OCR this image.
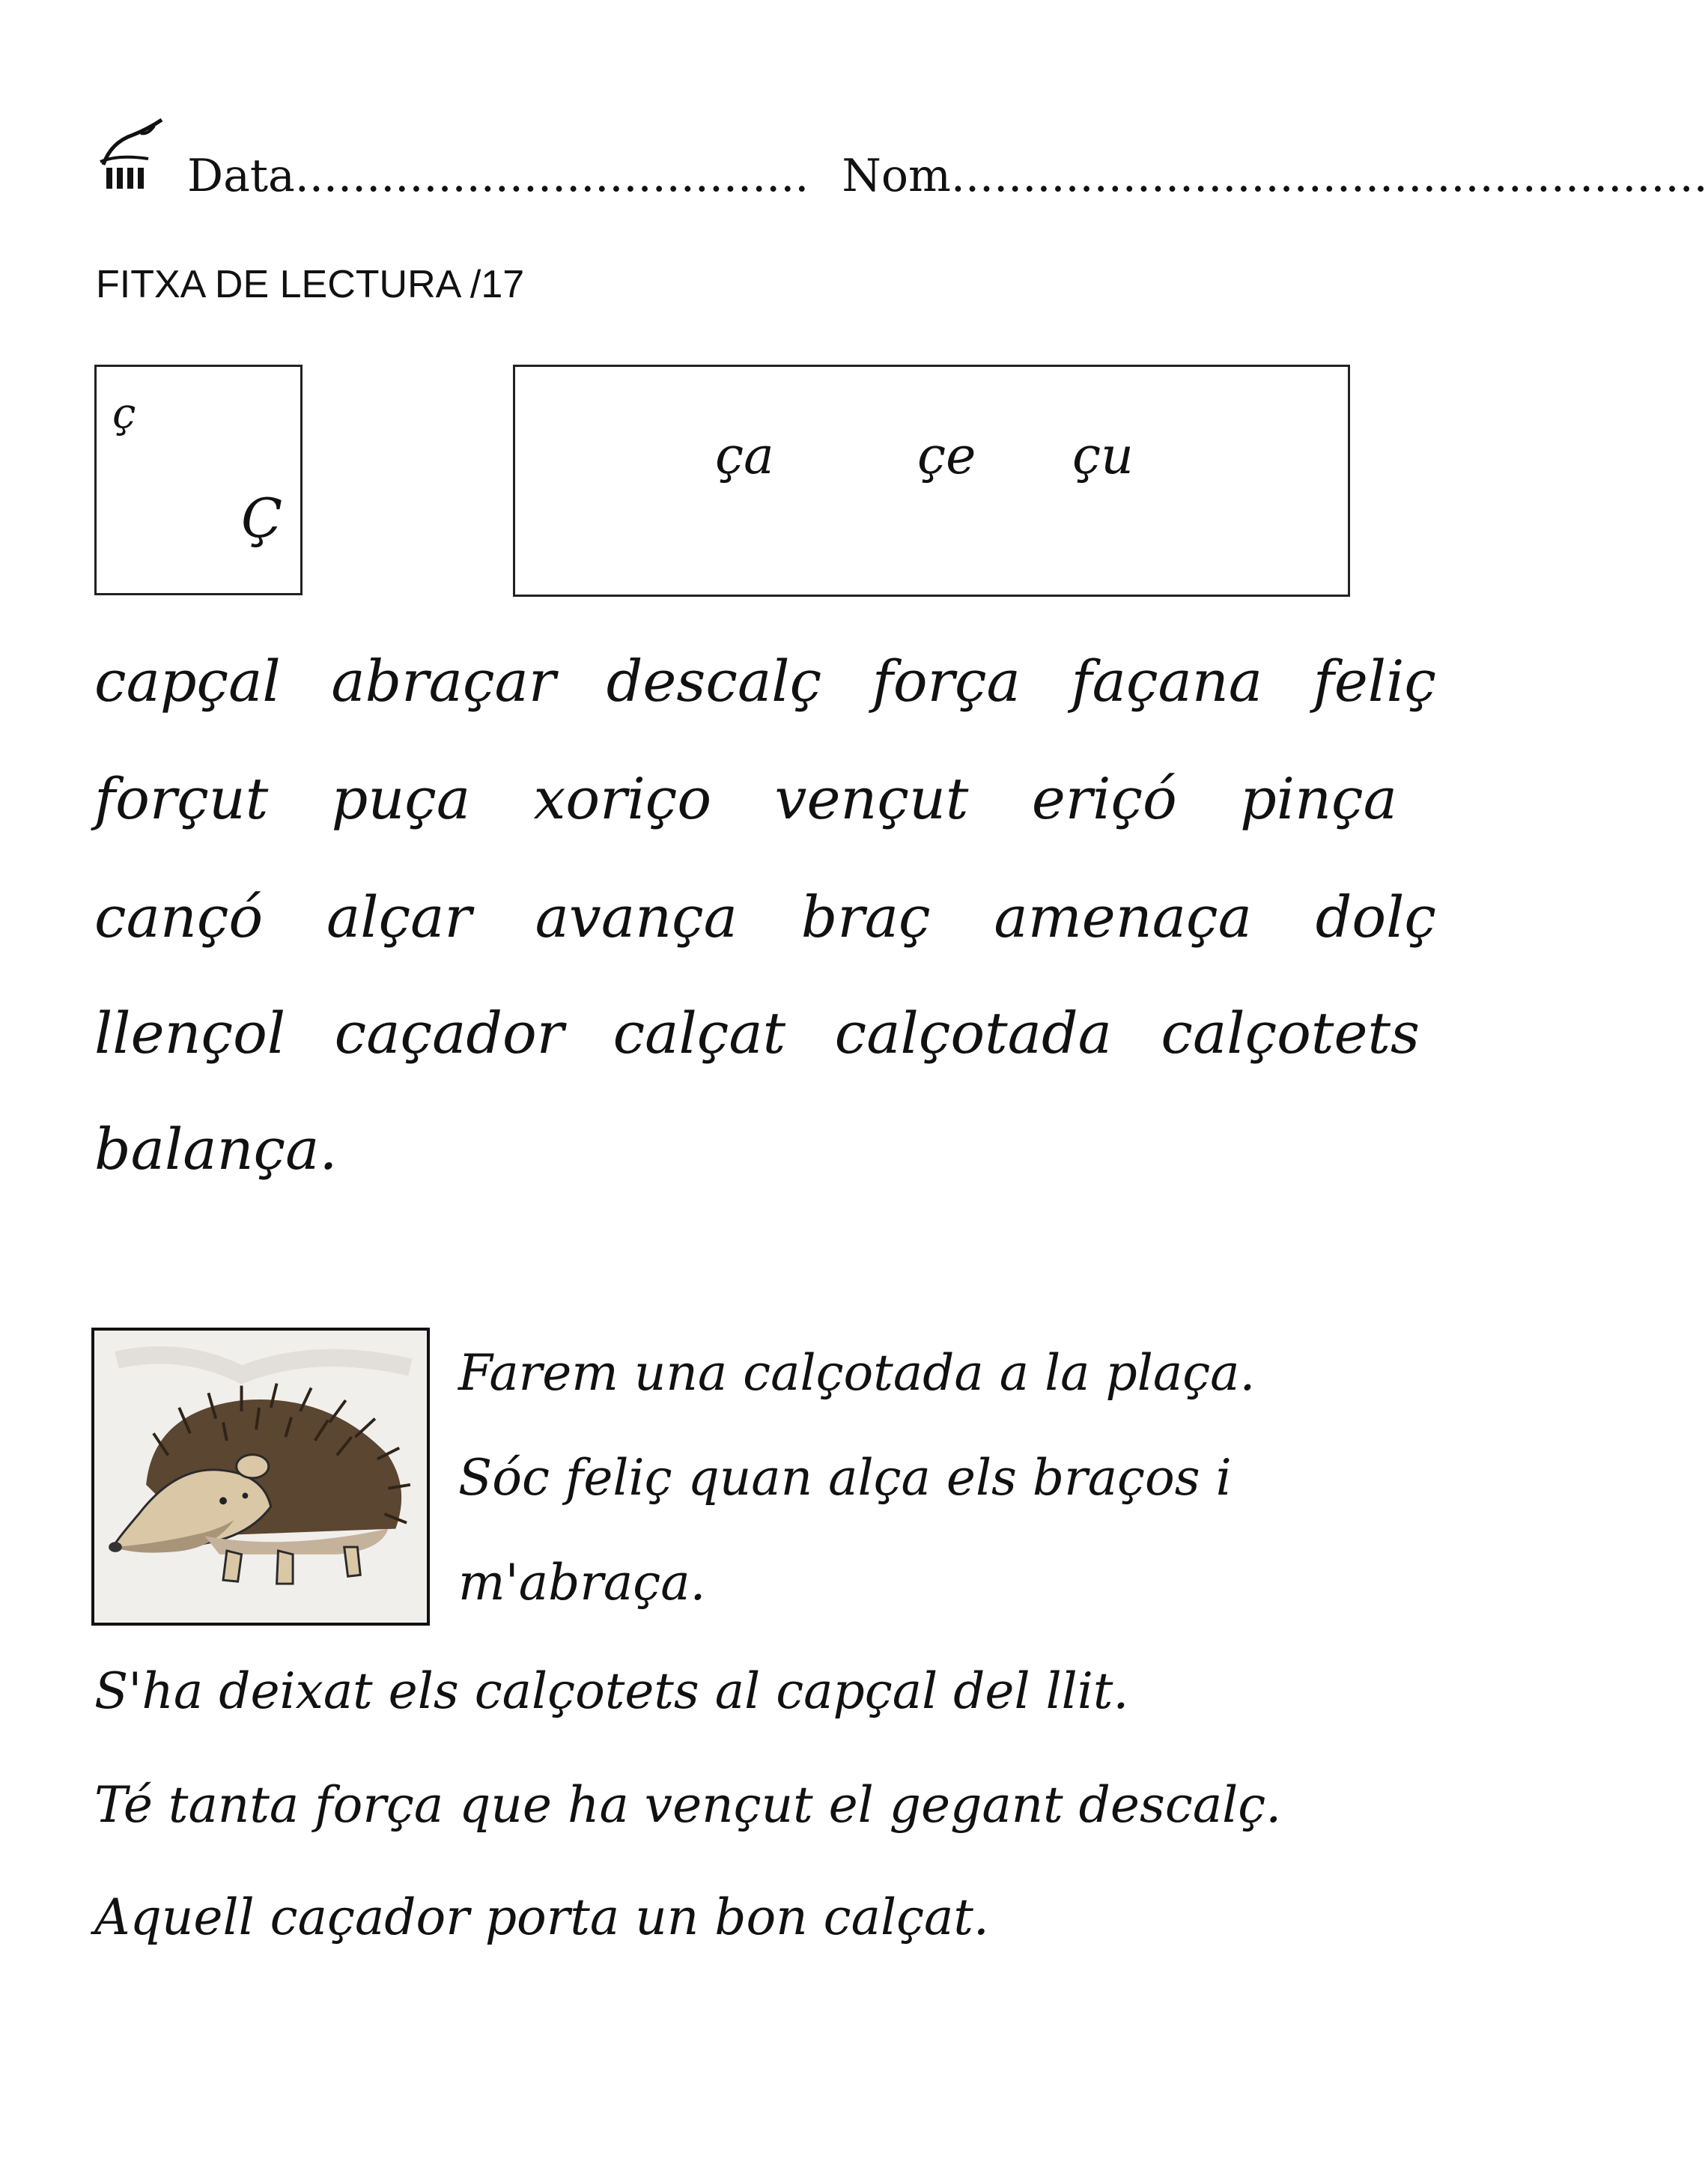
Data.................................... Nom.....................................................
FITXA DE LECTURA /17
ç
Ç
ça	çe çu
capçal abraçar descalç força façana feliç
forçut puça xoriço vençut eriçó pinça
cançó alçar avança braç amenaça dolç
llençol caçador calçat calçotada calçotets
balança.
Farem una calçotada a la plaça.
Sóc feliç quan alça els braços i
m'abraça.
S'ha deixat els calçotets al capçal del llit.
Té tanta força que ha vençut el gegant descalç.
Aquell caçador porta un bon calçat.
